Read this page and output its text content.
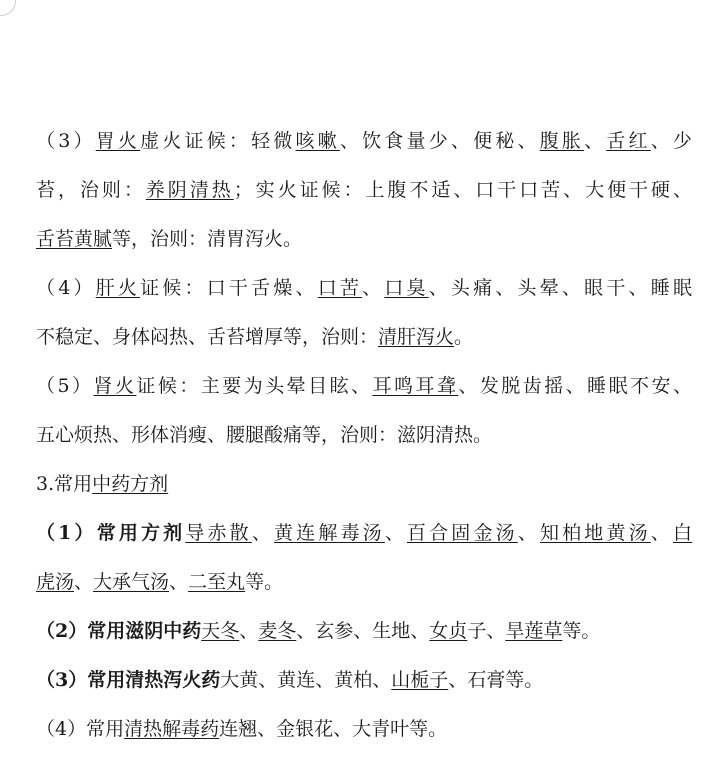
（3）胃火虚火证候：轻微咳嗽、饮食量少、便秘、腹胀、舌红、少
苔，治则：养阴清热；实火证候：上腹不适、口干口苦、大便干硬、
舌苔黄腻等，治则：清胃泻火。
（4）肝火证候：口干舌燥、口苦、口臭、头痛、头晕、眼干、睡眠
不稳定、身体闷热、舌苔增厚等，治则：清肝泻火。
（5）肾火证候：主要为头晕目眩、耳鸣耳聋、发脱齿摇、睡眠不安、
五心烦热、形体消瘦、腰腿酸痛等，治则：滋阴清热。
3.常用中药方剂
（1）常用方剂导赤散、黄连解毒汤、百合固金汤、知柏地黄汤、白
虎汤、大承气汤、二至丸等。
（2）常用滋阴中药天冬、麦冬、玄参、生地、女贞子、旱莲草等。
（3）常用清热泻火药大黄、黄连、黄柏、山栀子、石膏等。
（4）常用清热解毒药连翘、金银花、大青叶等。
